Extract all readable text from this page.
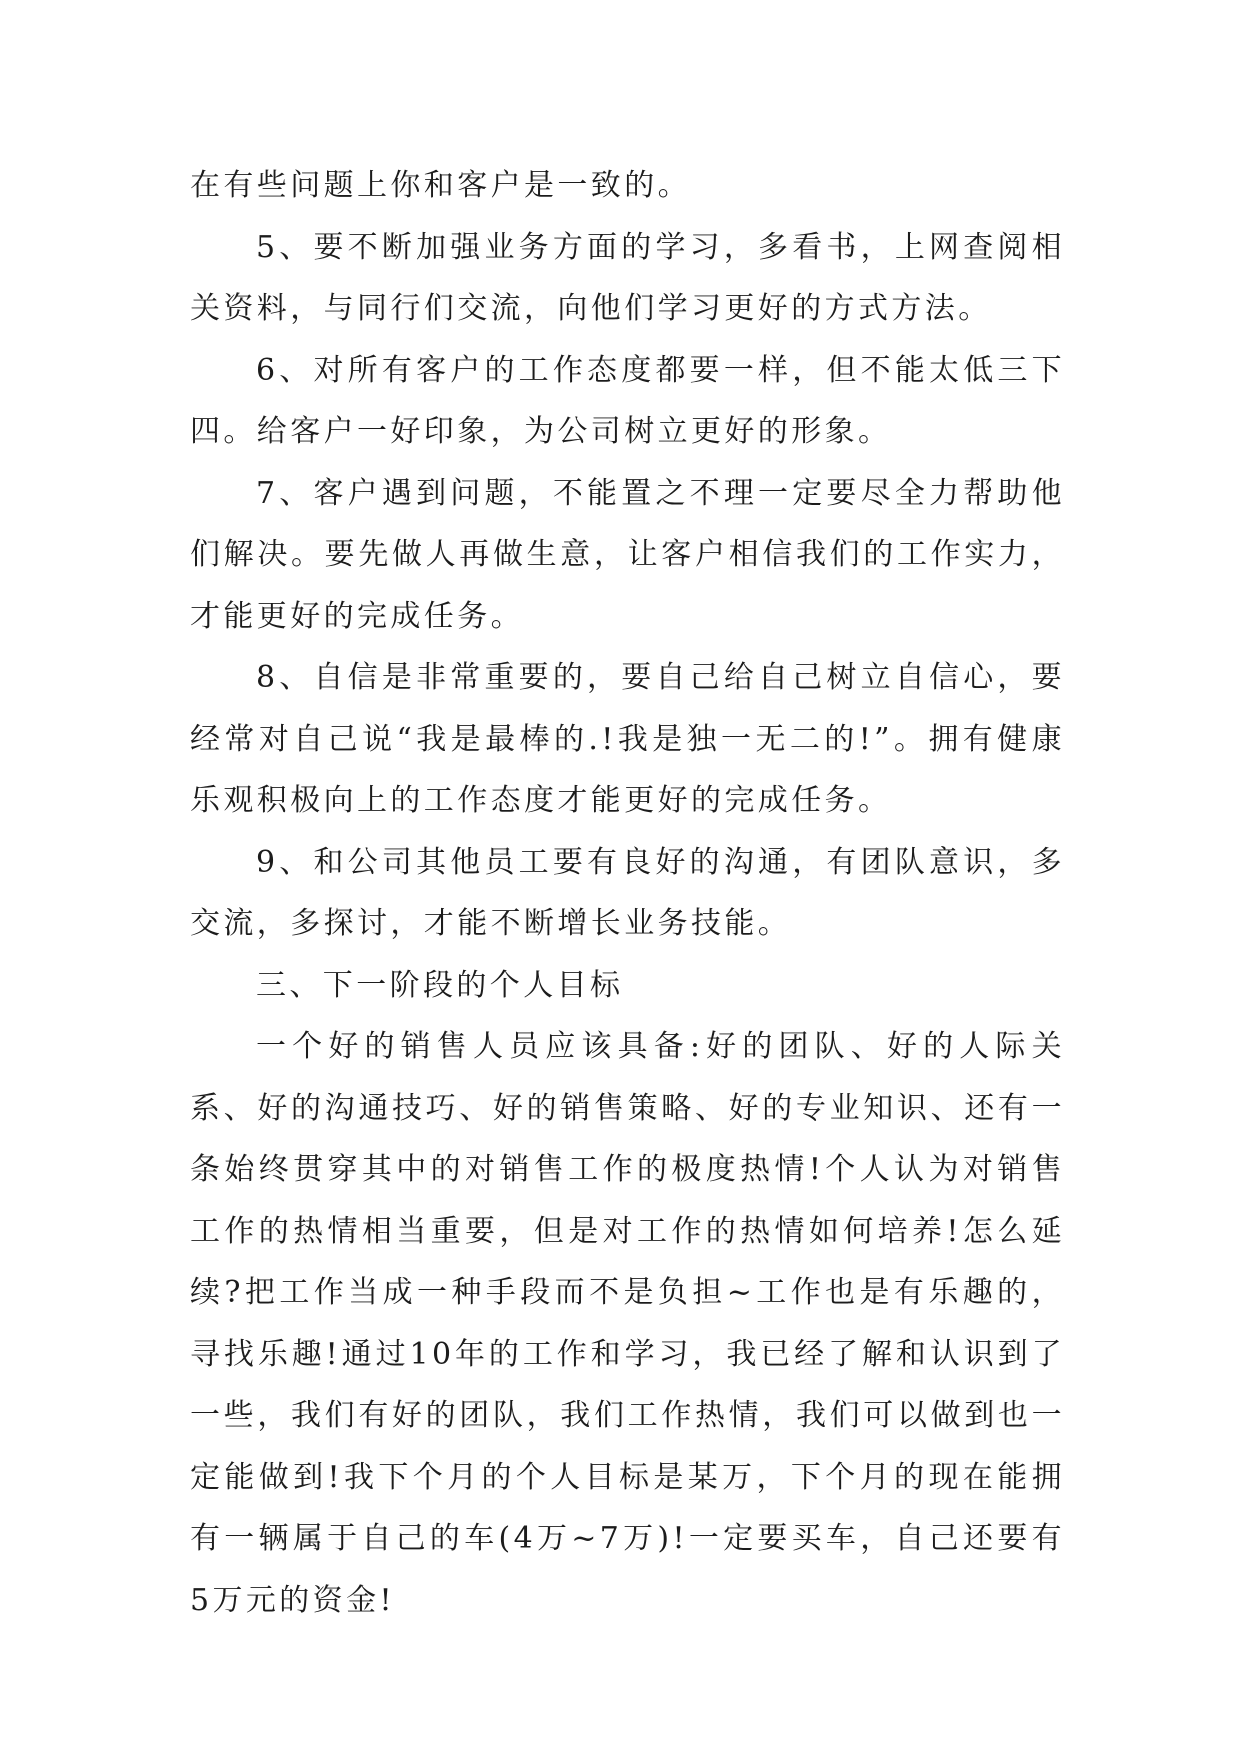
在有些问题上你和客户是一致的。

5、要不断加强业务方面的学习，多看书，上网查阅相关资料，与同行们交流，向他们学习更好的方式方法。

6、对所有客户的工作态度都要一样，但不能太低三下四。给客户一好印象，为公司树立更好的形象。

7、客户遇到问题，不能置之不理一定要尽全力帮助他们解决。要先做人再做生意，让客户相信我们的工作实力，才能更好的完成任务。

8、自信是非常重要的，要自己给自己树立自信心，要经常对自己说“我是最棒的.!我是独一无二的!”。拥有健康乐观积极向上的工作态度才能更好的完成任务。

9、和公司其他员工要有良好的沟通，有团队意识，多交流，多探讨，才能不断增长业务技能。

三、下一阶段的个人目标

一个好的销售人员应该具备:好的团队、好的人际关系、好的沟通技巧、好的销售策略、好的专业知识、还有一条始终贯穿其中的对销售工作的极度热情!个人认为对销售工作的热情相当重要，但是对工作的热情如何培养!怎么延续?把工作当成一种手段而不是负担~工作也是有乐趣的，寻找乐趣!通过10年的工作和学习，我已经了解和认识到了一些，我们有好的团队，我们工作热情，我们可以做到也一定能做到!我下个月的个人目标是某万，下个月的现在能拥有一辆属于自己的车(4万~7万)!一定要买车，自己还要有5万元的资金!
